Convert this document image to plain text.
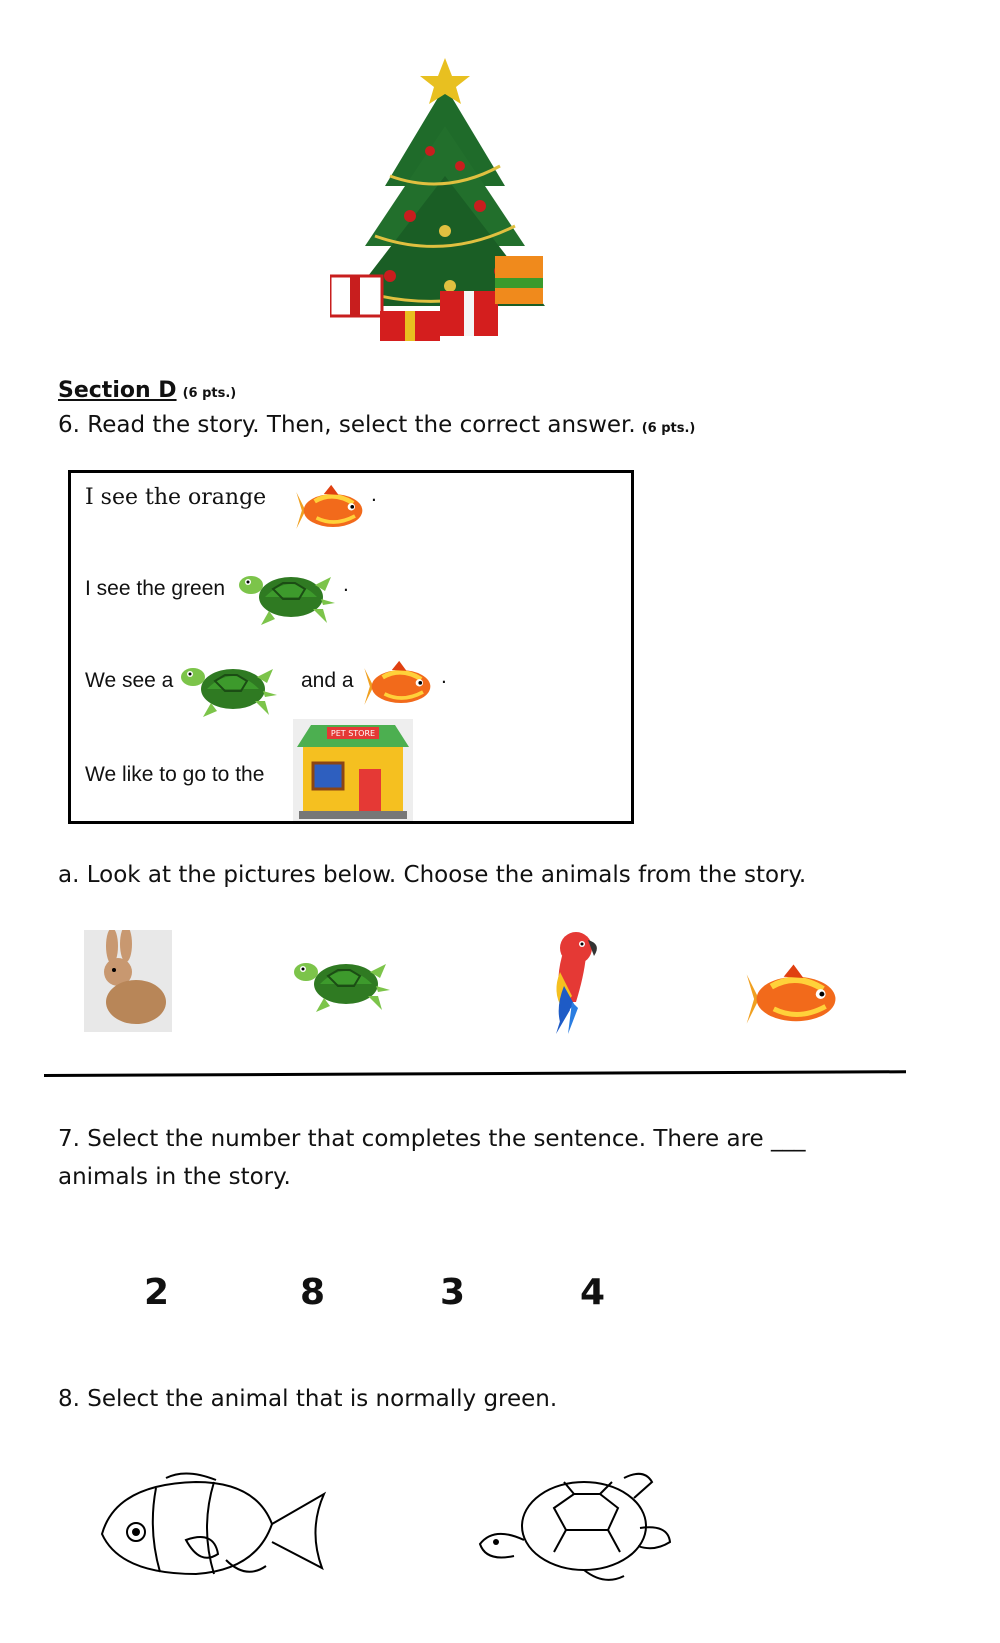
Section D (6 pts.)
6. Read the story. Then, select the correct answer. (6 pts.)
I see the orange	.
I see the green	.
We see a	and a	.
We like to go to the
PET STORE
a. Look at the pictures below. Choose the animals from the story.
7. Select the number that completes the sentence. There are ___
animals in the story.
2	8	3	4
8. Select the animal that is normally green.
